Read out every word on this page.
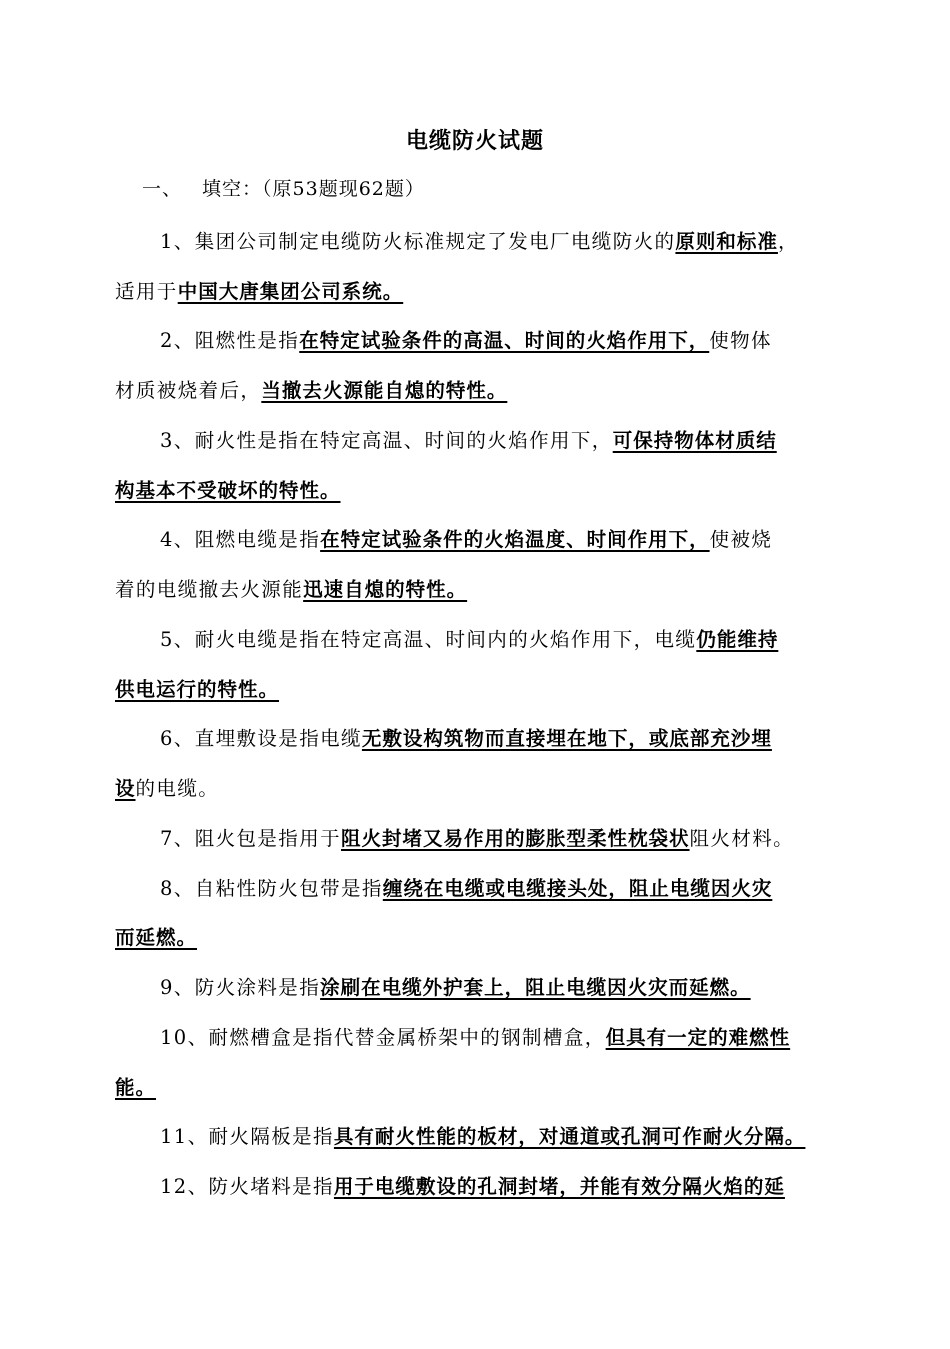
电缆防火试题
一、 填空：（原53题现62题）
1、集团公司制定电缆防火标准规定了发电厂电缆防火的原则和标准，
适用于中国大唐集团公司系统。
2、阻燃性是指在特定试验条件的高温、时间的火焰作用下，使物体
材质被烧着后，当撤去火源能自熄的特性。
3、耐火性是指在特定高温、时间的火焰作用下，可保持物体材质结
构基本不受破坏的特性。
4、阻燃电缆是指在特定试验条件的火焰温度、时间作用下，使被烧
着的电缆撤去火源能迅速自熄的特性。
5、耐火电缆是指在特定高温、时间内的火焰作用下，电缆仍能维持
供电运行的特性。
6、直埋敷设是指电缆无敷设构筑物而直接埋在地下，或底部充沙埋
设的电缆。
7、阻火包是指用于阻火封堵又易作用的膨胀型柔性枕袋状阻火材料。
8、自粘性防火包带是指缠绕在电缆或电缆接头处，阻止电缆因火灾
而延燃。
9、防火涂料是指涂刷在电缆外护套上，阻止电缆因火灾而延燃。
10、耐燃槽盒是指代替金属桥架中的钢制槽盒，但具有一定的难燃性
能。
11、耐火隔板是指具有耐火性能的板材，对通道或孔洞可作耐火分隔。
12、防火堵料是指用于电缆敷设的孔洞封堵，并能有效分隔火焰的延
